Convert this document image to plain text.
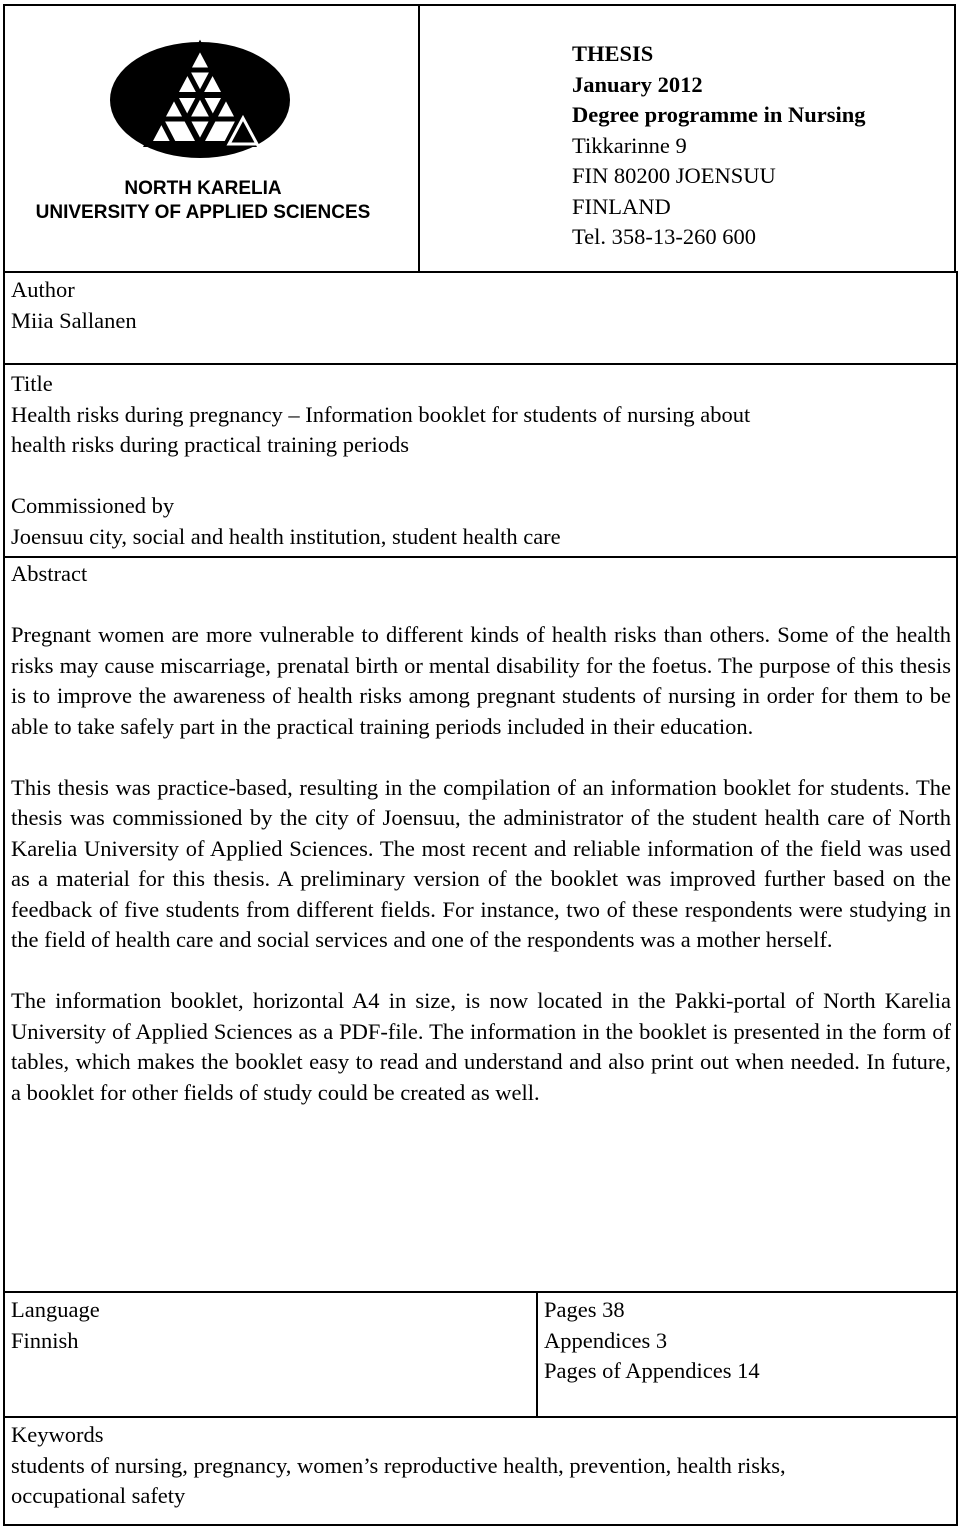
NORTH KARELIA
UNIVERSITY OF APPLIED SCIENCES
THESIS
January 2012
Degree programme in Nursing
Tikkarinne 9
FIN 80200 JOENSUU
FINLAND
Tel. 358-13-260 600
Author
Miia Sallanen
Title
Health risks during pregnancy – Information booklet for students of nursing about
health risks during practical training periods
Commissioned by
Joensuu city, social and health institution, student health care
Abstract

Pregnant women are more vulnerable to different kinds of health risks than others. Some of the health risks may cause miscarriage, prenatal birth or mental disability for the foetus. The purpose of this thesis is to improve the awareness of health risks among pregnant students of nursing in order for them to be able to take safely part in the practical training periods included in their education.

This thesis was practice-based, resulting in the compilation of an information booklet for students. The thesis was commissioned by the city of Joensuu, the administrator of the student health care of North Karelia University of Applied Sciences. The most recent and reliable information of the field was used as a material for this thesis. A preliminary version of the booklet was improved further based on the feedback of five students from different fields. For instance, two of these respondents were studying in the field of health care and social services and one of the respondents was a mother herself.

The information booklet, horizontal A4 in size, is now located in the Pakki-portal of North Karelia University of Applied Sciences as a PDF-file. The information in the booklet is presented in the form of tables, which makes the booklet easy to read and understand and also print out when needed. In future, a booklet for other fields of study could be created as well.

Language
Finnish
Pages 38
Appendices 3
Pages of Appendices 14
Keywords
students of nursing, pregnancy, women’s reproductive health, prevention, health risks,
occupational safety
